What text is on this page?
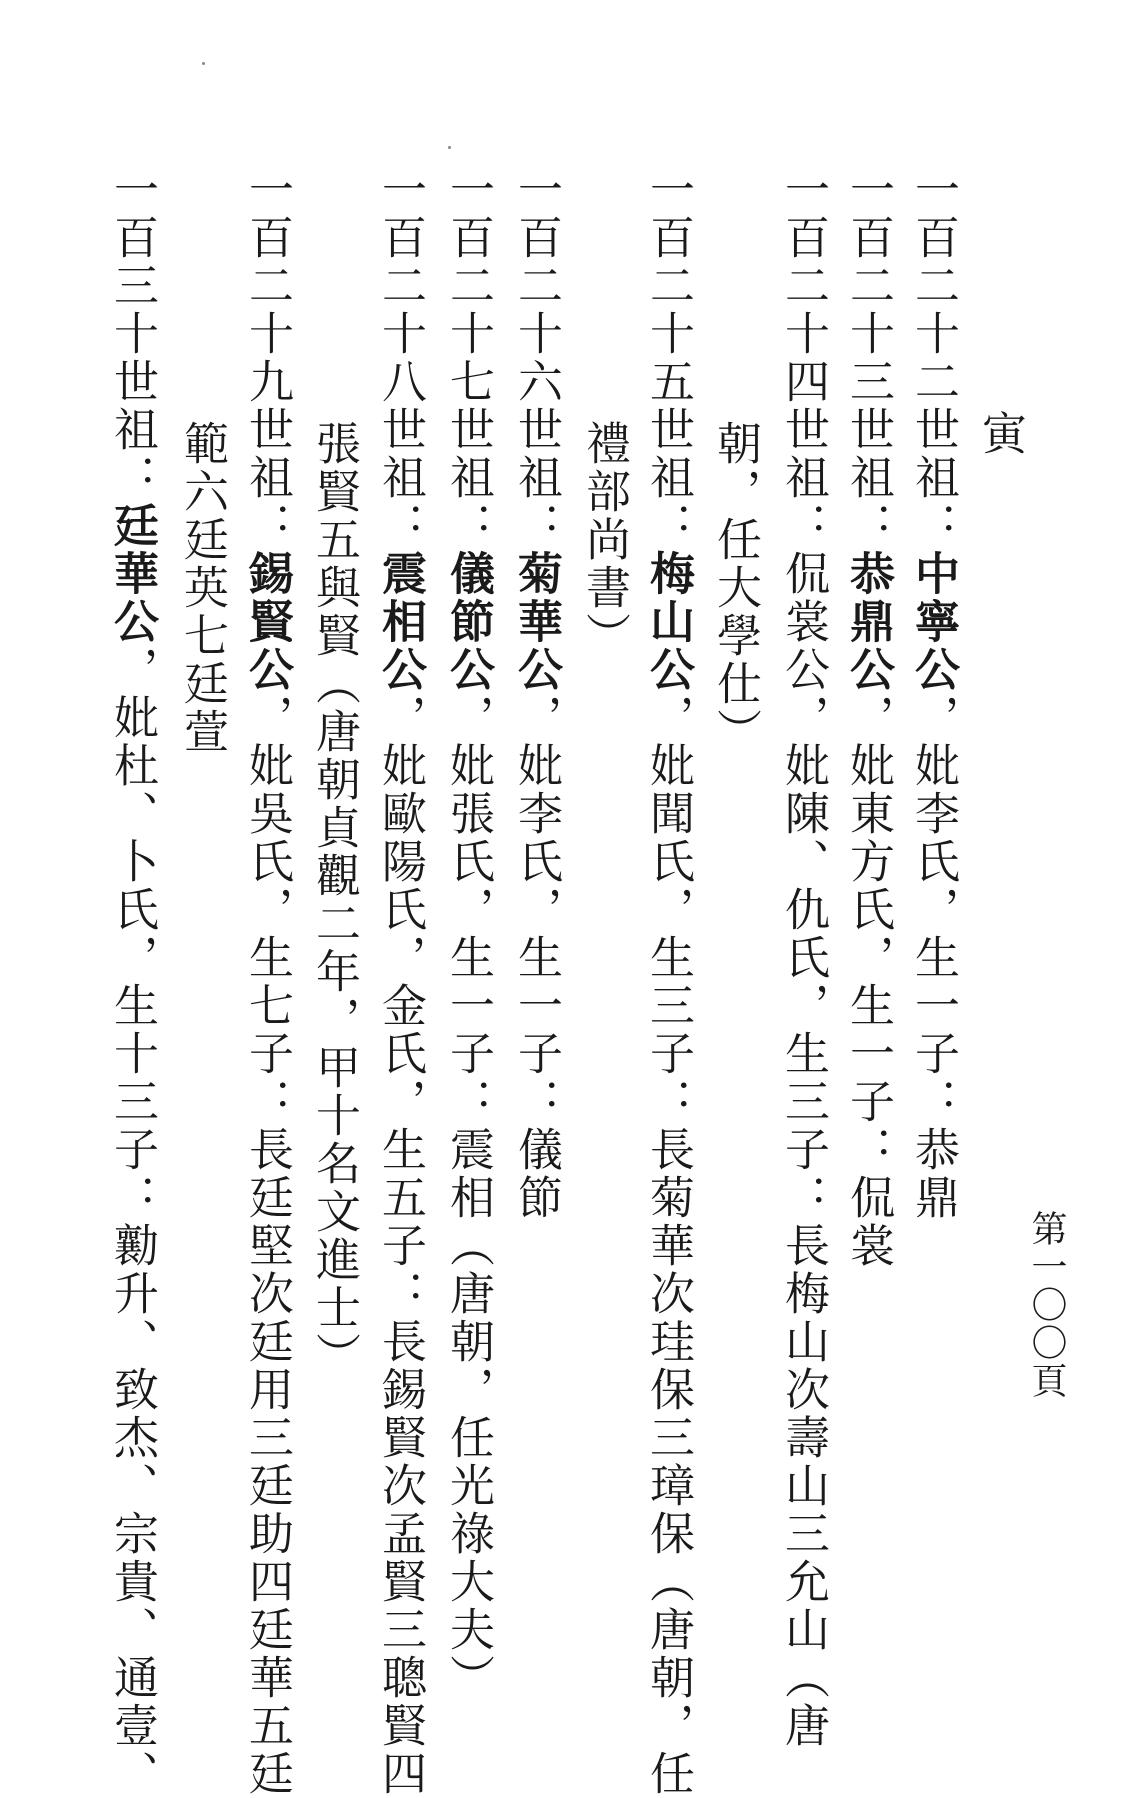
寅
第一〇〇頁
一百二十二世祖：中寧公，妣李氏，生一子：恭鼎
一百二十三世祖：恭鼎公，妣東方氏，生一子：侃裳
一百二十四世祖：侃裳公，妣陳、仇氏，生三子：長梅山次壽山三允山（唐
朝，任大學仕）
一百二十五世祖：梅山公，妣聞氏，生三子：長菊華次珪保三璋保（唐朝，任
禮部尚書）
一百二十六世祖：菊華公，妣李氏，生一子：儀節
一百二十七世祖：儀節公，妣張氏，生一子：震相（唐朝，任光祿大夫）
一百二十八世祖：震相公，妣歐陽氏，金氏，生五子：長錫賢次孟賢三聰賢四
張賢五與賢（唐朝貞觀二年，甲十名文進士）
一百二十九世祖：錫賢公，妣吳氏，生七子：長廷堅次廷用三廷助四廷華五廷
範六廷英七廷萱
一百三十世祖：廷華公，妣杜、卜氏，生十三子：勷升、致杰、宗貴、通壹、
